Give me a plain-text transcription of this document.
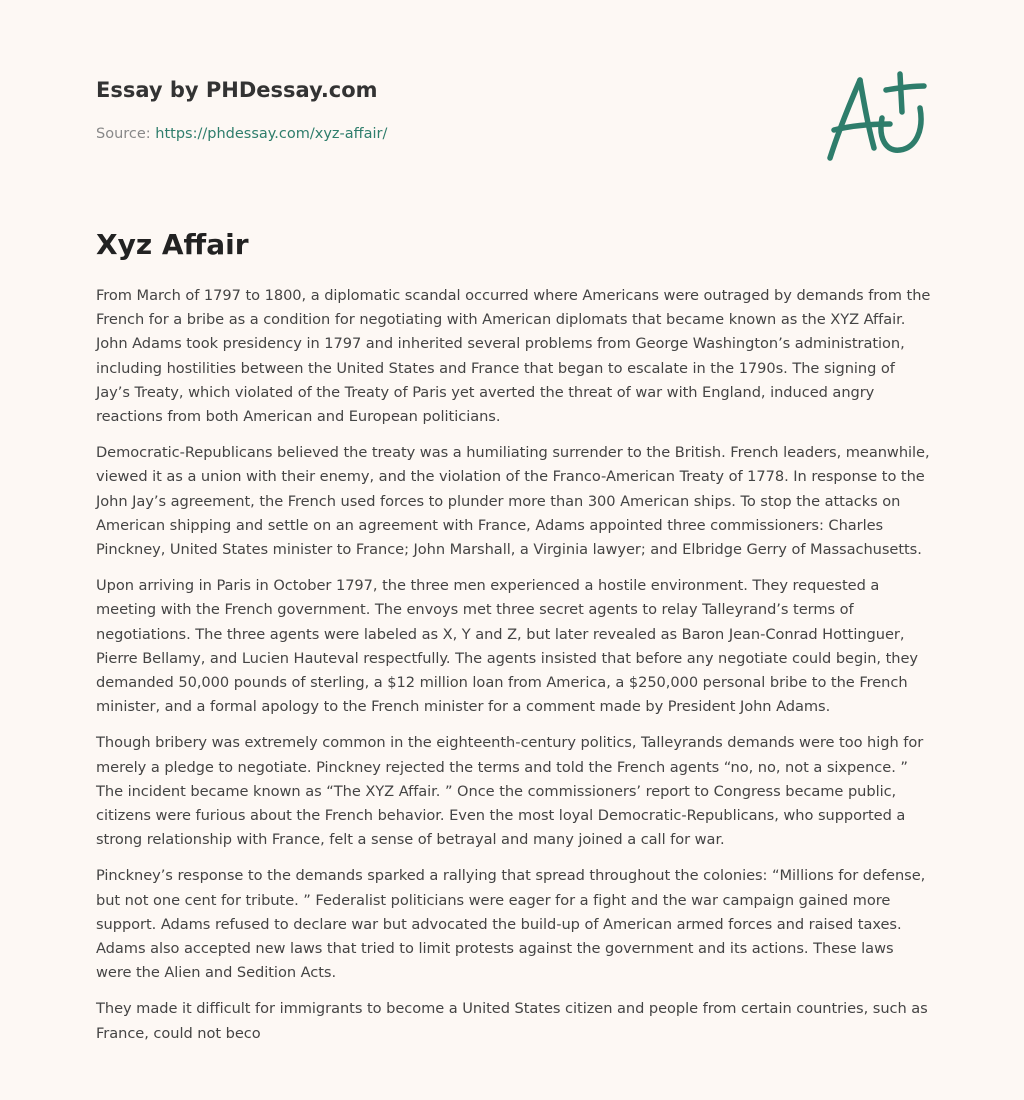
Essay by PHDessay.com
Source: https://phdessay.com/xyz-affair/
Xyz Affair

From March of 1797 to 1800, a diplomatic scandal occurred where Americans were outraged by demands from the French for a bribe as a condition for negotiating with American diplomats that became known as the XYZ Affair. John Adams took presidency in 1797 and inherited several problems from George Washington’s administration, including hostilities between the United States and France that began to escalate in the 1790s. The signing of Jay’s Treaty, which violated of the Treaty of Paris yet averted the threat of war with England, induced angry reactions from both American and European politicians.

Democratic-Republicans believed the treaty was a humiliating surrender to the British. French leaders, meanwhile, viewed it as a union with their enemy, and the violation of the Franco-American Treaty of 1778. In response to the John Jay’s agreement, the French used forces to plunder more than 300 American ships. To stop the attacks on American shipping and settle on an agreement with France, Adams appointed three commissioners: Charles Pinckney, United States minister to France; John Marshall, a Virginia lawyer; and Elbridge Gerry of Massachusetts.

Upon arriving in Paris in October 1797, the three men experienced a hostile environment. They requested a meeting with the French government. The envoys met three secret agents to relay Talleyrand’s terms of negotiations. The three agents were labeled as X, Y and Z, but later revealed as Baron Jean-Conrad Hottinguer, Pierre Bellamy, and Lucien Hauteval respectfully. The agents insisted that before any negotiate could begin, they demanded 50,000 pounds of sterling, a $12 million loan from America, a $250,000 personal bribe to the French minister, and a formal apology to the French minister for a comment made by President John Adams.

Though bribery was extremely common in the eighteenth-century politics, Talleyrands demands were too high for merely a pledge to negotiate. Pinckney rejected the terms and told the French agents “no, no, not a sixpence. ” The incident became known as “The XYZ Affair. ” Once the commissioners’ report to Congress became public, citizens were furious about the French behavior. Even the most loyal Democratic-Republicans, who supported a strong relationship with France, felt a sense of betrayal and many joined a call for war.

Pinckney’s response to the demands sparked a rallying that spread throughout the colonies: “Millions for defense, but not one cent for tribute. ” Federalist politicians were eager for a fight and the war campaign gained more support. Adams refused to declare war but advocated the build-up of American armed forces and raised taxes. Adams also accepted new laws that tried to limit protests against the government and its actions. These laws were the Alien and Sedition Acts.

They made it difficult for immigrants to become a United States citizen and people from certain countries, such as France, could not beco
